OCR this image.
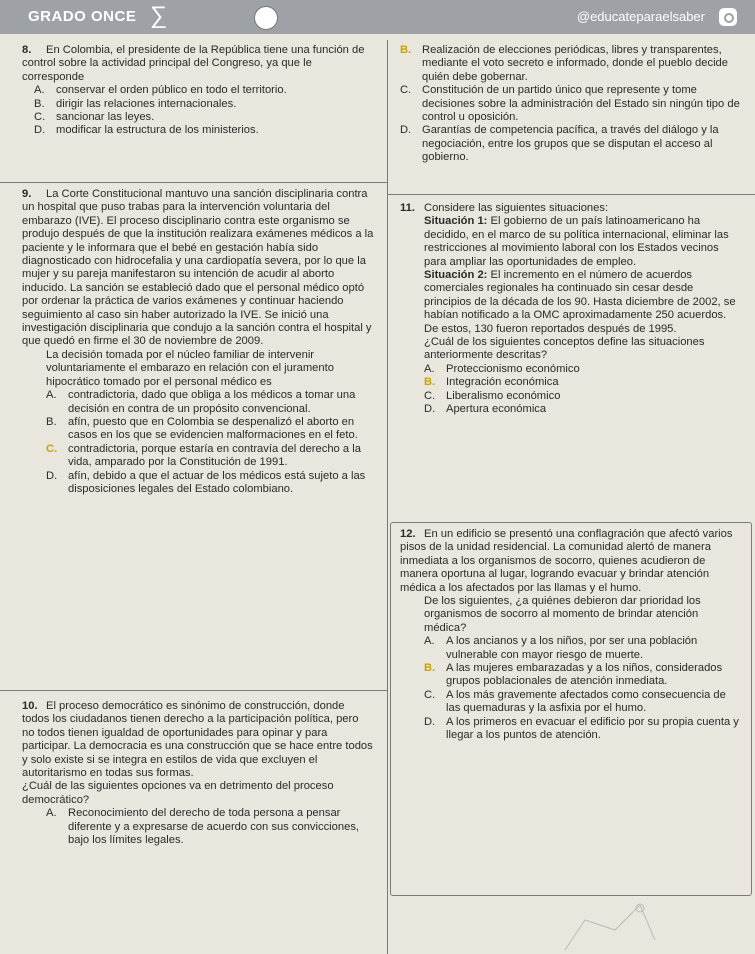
GRADO ONCE ∑	@educateparaelsaber

8. En Colombia, el presidente de la República tiene una función de control sobre la actividad principal del Congreso, ya que le corresponde

A.	conservar el orden público en todo el territorio.

B.	dirigir las relaciones internacionales.

C. sancionar las leyes.

D. modificar la estructura de los ministerios.

B. Realización de elecciones periódicas, libres y transparentes, mediante el voto secreto e informado, donde el pueblo decide quién debe gobernar.

C. Constitución de un partido único que represente y tome decisiones sobre la administración del Estado sin ningún tipo de control u oposición.

D. Garantías de competencia pacífica, a través del diálogo y la negociación, entre los grupos que se disputan el acceso al gobierno.

9. La Corte Constitucional mantuvo una sanción disciplinaria contra un hospital que puso trabas para la intervención voluntaria del embarazo (IVE). El proceso disciplinario contra este organismo se produjo después de que la institución realizara exámenes médicos a la paciente y le informara que el bebé en gestación había sido diagnosticado con hidrocefalia y una cardiopatía severa, por lo que la mujer y su pareja manifestaron su intención de acudir al aborto inducido. La sanción se estableció dado que el personal médico optó por ordenar la práctica de varios exámenes y continuar haciendo seguimiento al caso sin haber autorizado la IVE. Se inició una investigación disciplinaria que condujo a la sanción contra el hospital y que quedó en firme el 30 de noviembre de 2009.

La decisión tomada por el núcleo familiar de intervenir voluntariamente el embarazo en relación con el juramento hipocrático tomado por el personal médico es

A.	contradictoria, dado que obliga a los médicos a tomar una decisión en contra de un propósito convencional.

B.	afín, puesto que en Colombia se despenalizó el aborto en casos en los que se evidencien malformaciones en el feto.

C. contradictoria, porque estaría en contravía del derecho a la vida, amparado por la Constitución de 1991.

D. afín, debido a que el actuar de los médicos está sujeto a las disposiciones legales del Estado colombiano.

10. El proceso democrático es sinónimo de construcción, donde todos los ciudadanos tienen derecho a la participación política, pero no todos tienen igualdad de oportunidades para opinar y para participar. La democracia es una construcción que se hace entre todos y solo existe si se integra en estilos de vida que excluyen el autoritarismo en todas sus formas.

¿Cuál de las siguientes opciones va en detrimento del proceso democrático?

A.	Reconocimiento del derecho de toda persona a pensar diferente y a expresarse de acuerdo con sus convicciones, bajo los límites legales.

11. Considere las siguientes situaciones:

Situación 1: El gobierno de un país latinoamericano ha decidido, en el marco de su política internacional, eliminar las restricciones al movimiento laboral con los Estados vecinos para ampliar las oportunidades de empleo.

Situación 2: El incremento en el número de acuerdos comerciales regionales ha continuado sin cesar desde principios de la década de los 90. Hasta diciembre de 2002, se habían notificado a la OMC aproximadamente 250 acuerdos. De estos, 130 fueron reportados después de 1995.

¿Cuál de los siguientes conceptos define las situaciones anteriormente descritas?

A.	Proteccionismo económico

B. Integración económica

C. Liberalismo económico

D. Apertura económica

12. En un edificio se presentó una conflagración que afectó varios pisos de la unidad residencial. La comunidad alertó de manera inmediata a los organismos de socorro, quienes acudieron de manera oportuna al lugar, logrando evacuar y brindar atención médica a los afectados por las llamas y el humo.

De los siguientes, ¿a quiénes debieron dar prioridad los organismos de socorro al momento de brindar atención médica?

A.	A los ancianos y a los niños, por ser una población vulnerable con mayor riesgo de muerte.

B. A las mujeres embarazadas y a los niños, considerados grupos poblacionales de atención inmediata.

C. A los más gravemente afectados como consecuencia de las quemaduras y la asfixia por el humo.

D. A los primeros en evacuar el edificio por su propia cuenta y llegar a los puntos de atención.
